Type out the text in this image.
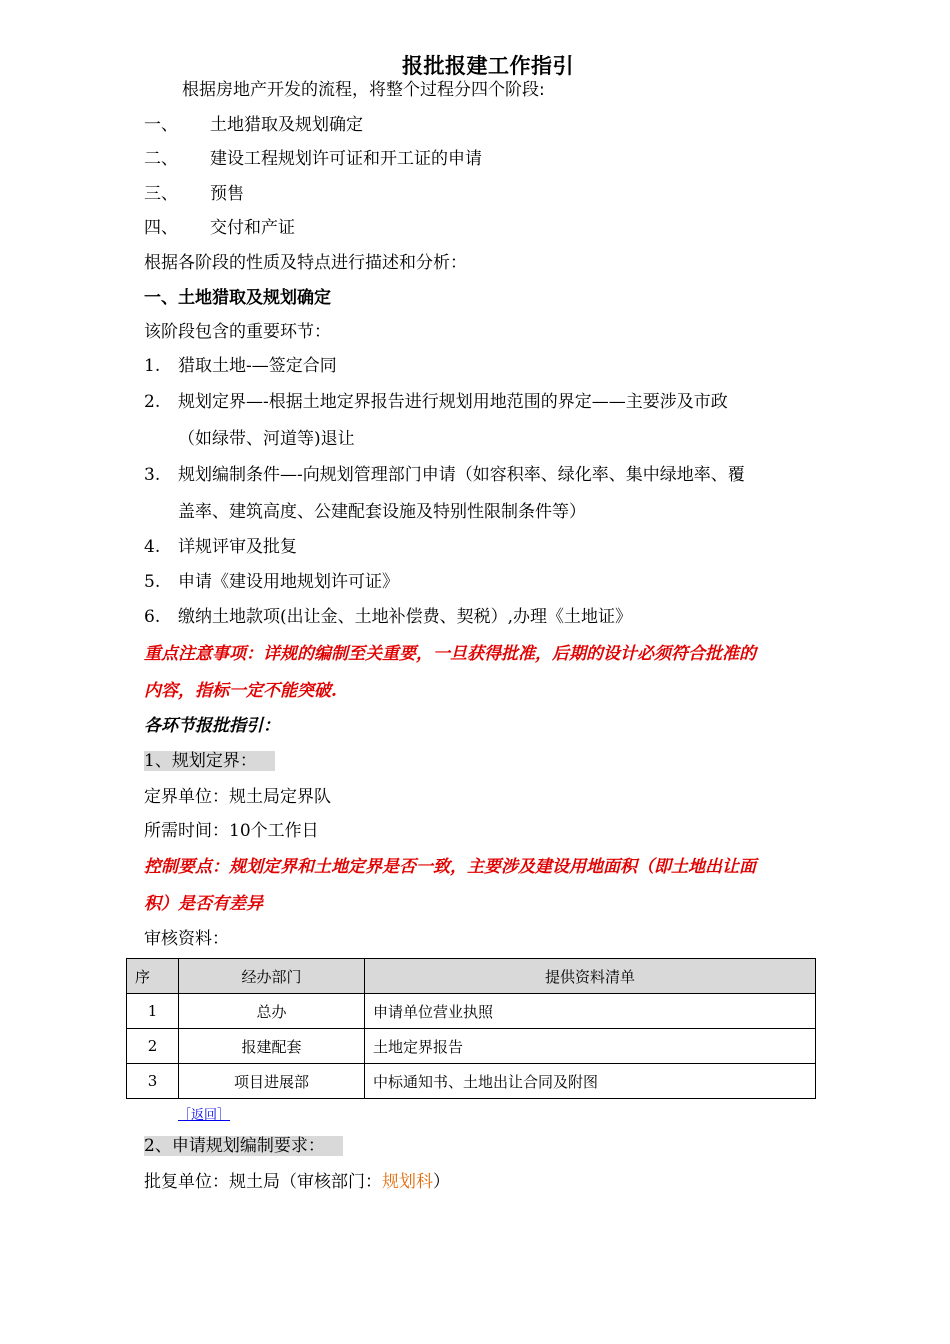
报批报建工作指引
根据房地产开发的流程，将整个过程分四个阶段:
一、 土地猎取及规划确定
二、 建设工程规划许可证和开工证的申请
三、 预售
四、 交付和产证
根据各阶段的性质及特点进行描述和分析：
一、土地猎取及规划确定
该阶段包含的重要环节：
1. 猎取土地-—签定合同
2. 规划定界—-根据土地定界报告进行规划用地范围的界定——主要涉及市政
（如绿带、河道等)退让
3. 规划编制条件—-向规划管理部门申请（如容积率、绿化率、集中绿地率、覆
盖率、建筑高度、公建配套设施及特别性限制条件等）
4. 详规评审及批复
5. 申请《建设用地规划许可证》
6. 缴纳土地款项(出让金、土地补偿费、契税）,办理《土地证》
重点注意事项：详规的编制至关重要，一旦获得批准，后期的设计必须符合批准的
内容，指标一定不能突破.
各环节报批指引：
1、规划定界：
定界单位：规土局定界队
所需时间：10个工作日
控制要点：规划定界和土地定界是否一致，主要涉及建设用地面积（即土地出让面
积）是否有差异
审核资料：
序	经办部门	提供资料清单
1	总办	申请单位营业执照
2	报建配套	土地定界报告
3	项目进展部	中标通知书、土地出让合同及附图
［返回］
2、申请规划编制要求：
批复单位：规土局（审核部门：规划科）
